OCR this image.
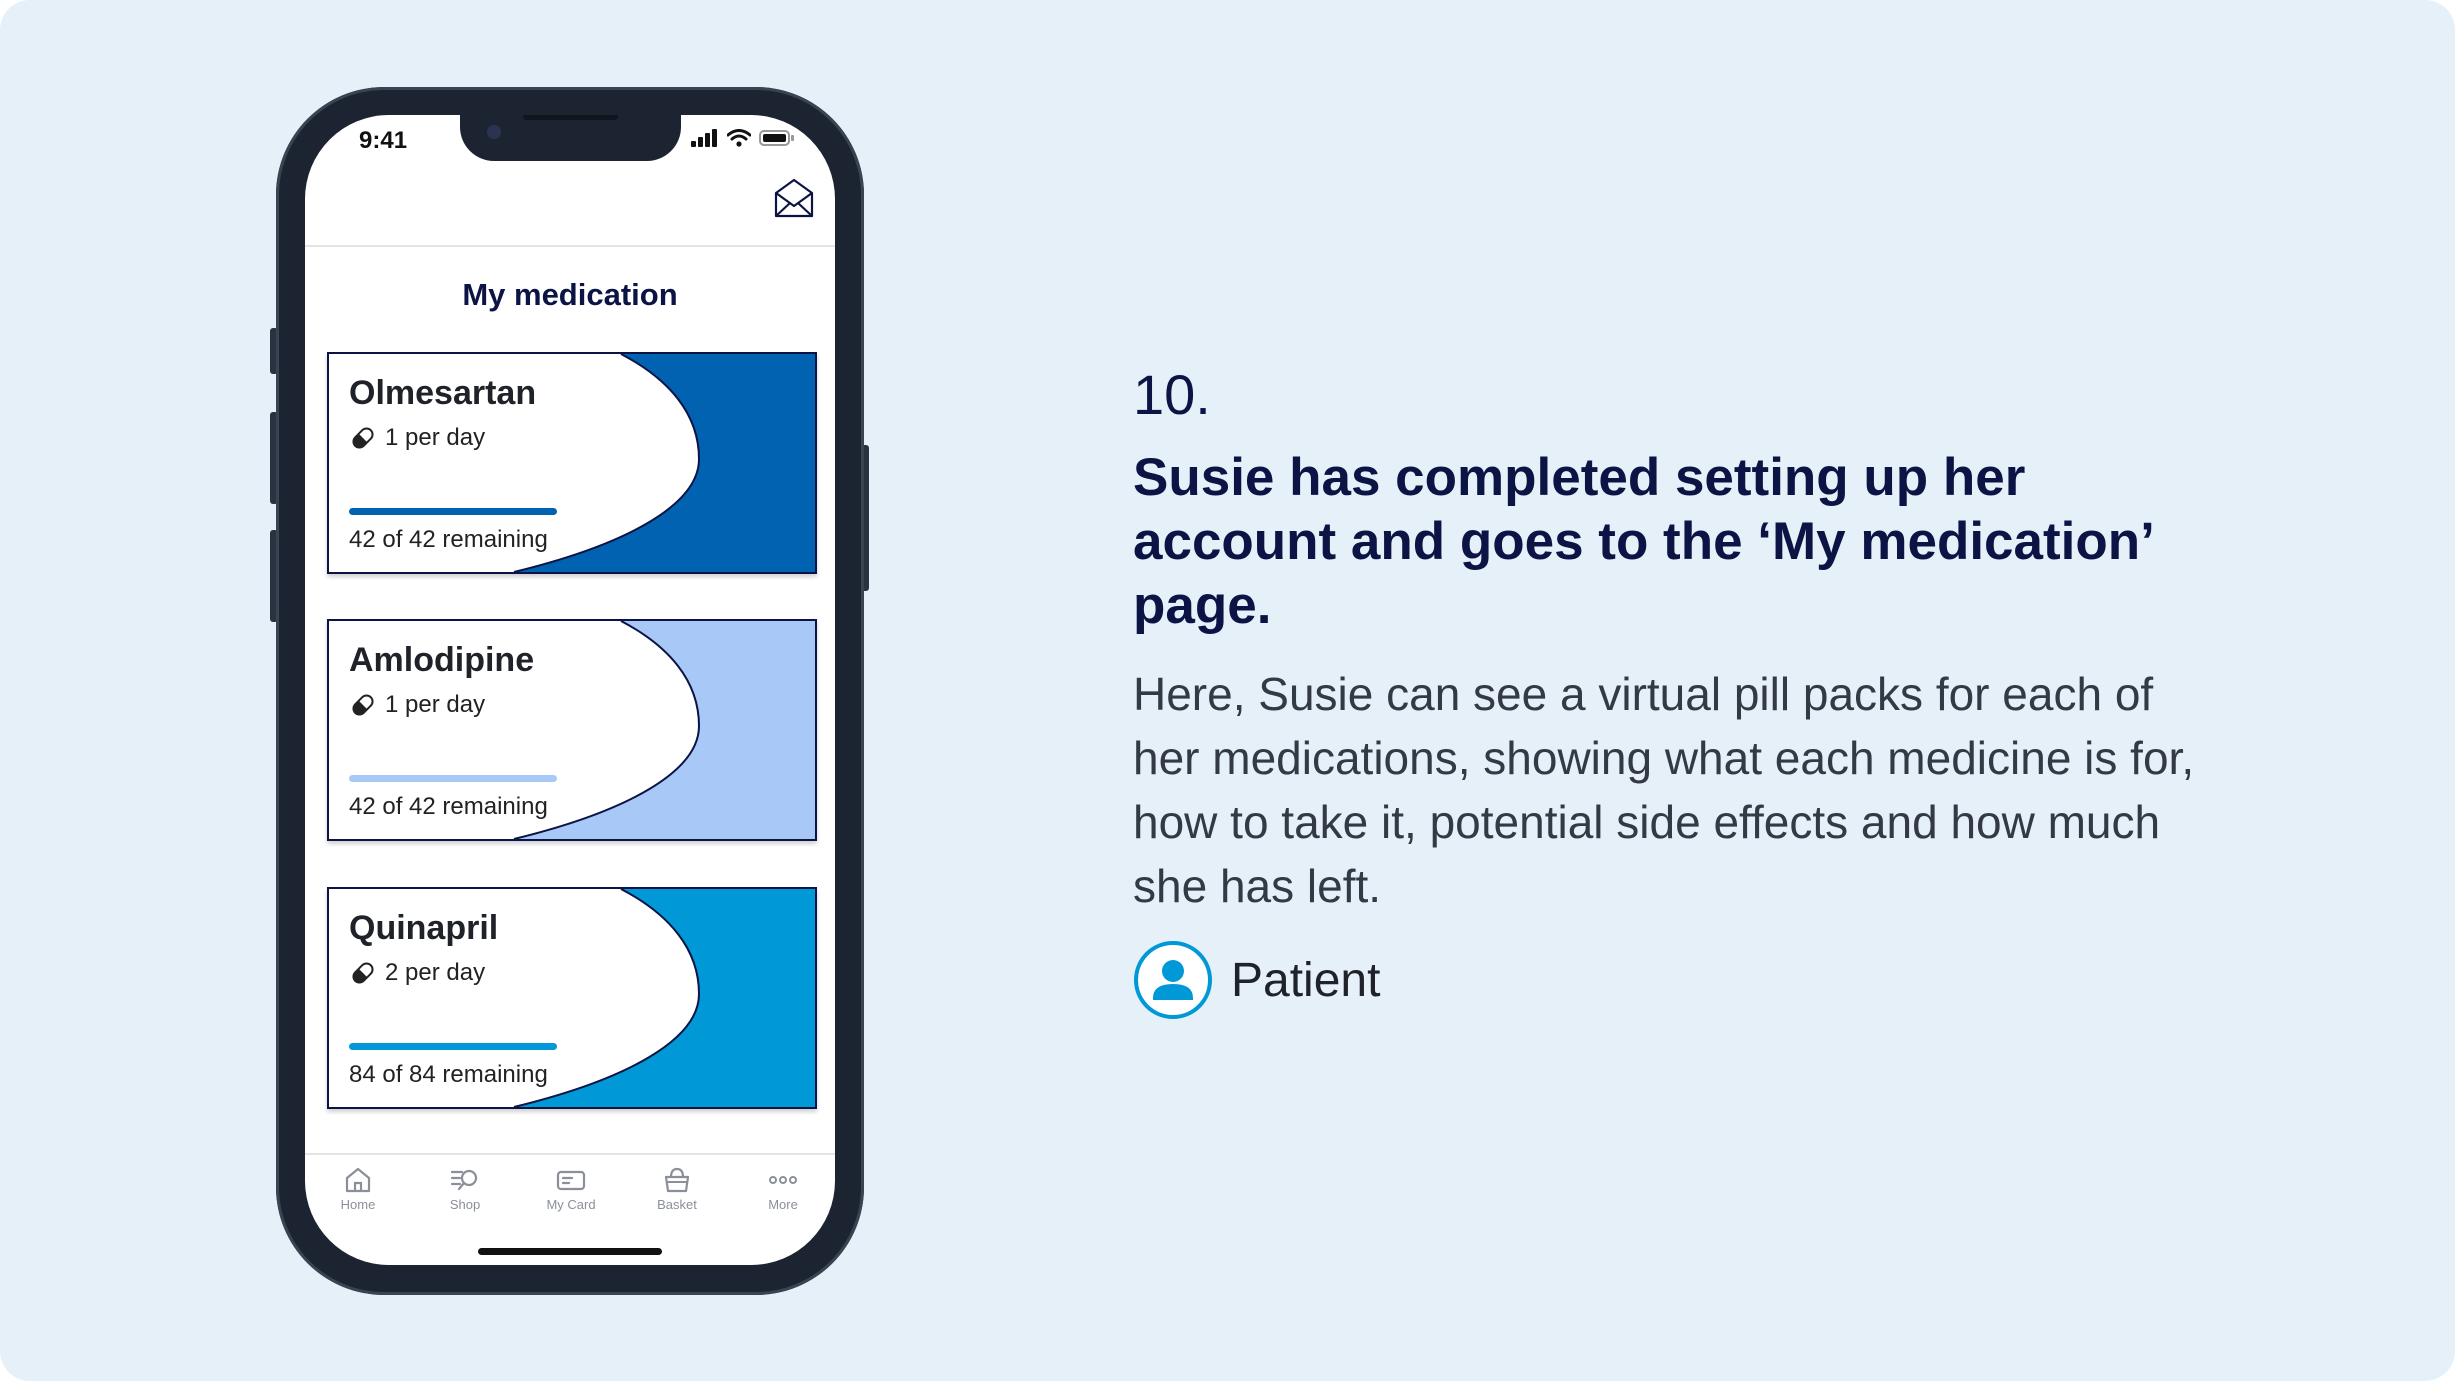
9:41
My medication
Olmesartan
1 per day
42 of 42 remaining
Amlodipine
1 per day
42 of 42 remaining
Quinapril
2 per day
84 of 84 remaining
Home	Shop	My Card	Basket	More
10.
Susie has completed setting up her account and goes to the ‘My medication’ page.
Here, Susie can see a virtual pill packs for each of her medications, showing what each medicine is for, how to take it, potential side effects and how much she has left.
Patient
